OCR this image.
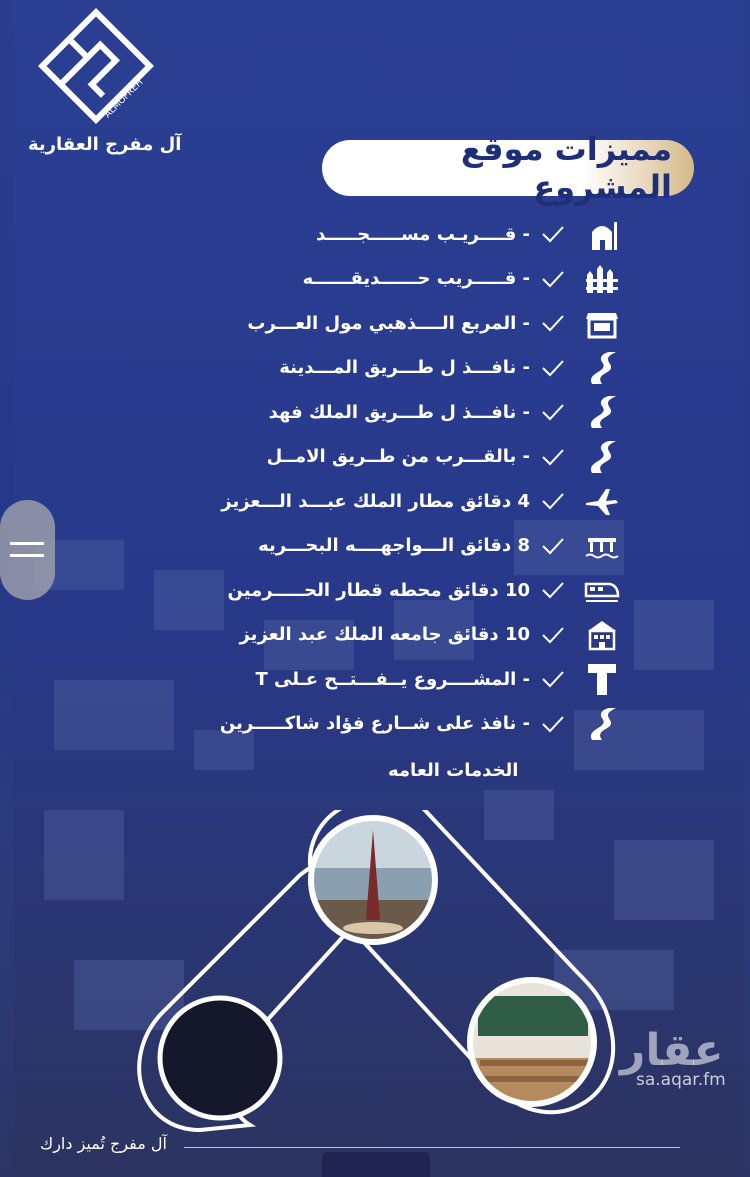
ALMOFREH
آل مفرج العقارية	مميزات موقع المشروع
- قــــريـب مســـــجـــــد
- قـــــريب حــــــديقــــــه
- المربع الــــذهبي مول العـــرب
- نافـــذ ل طـــريق المـــدينة
- نافـــذ ل طـــريق الملك فهد
- بالقـــرب من طــريق الامــل
4 دقائق مطار الملك عبـــد الـــعزيز
8 دقائق الـــواجهــــه البحـــريه
10 دقائق محطه قطار الحـــــرمين
10 دقائق جامعه الملك عبد العزيز
- المشــــروع يــفـــتــح عـلى T
- نافذ على شــارع فؤاد شاكـــــرين
الخدمات العامه
عقار
sa.aqar.fm
آل مفرج تُميز دارك
